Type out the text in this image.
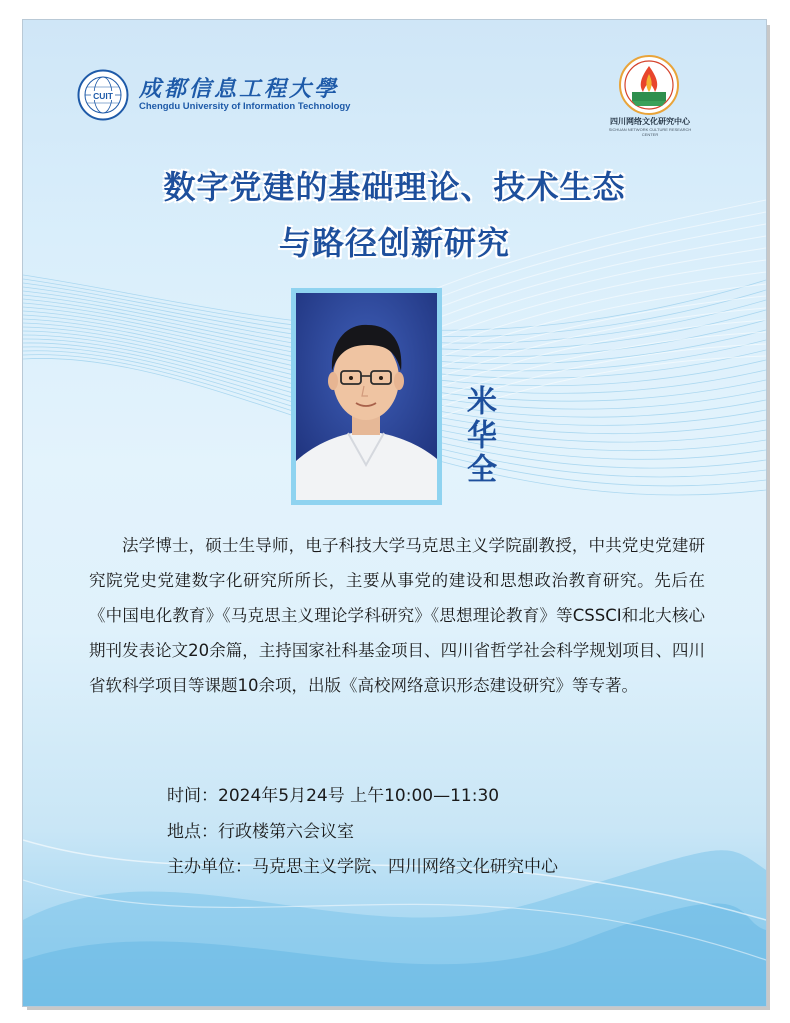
CUIT 成都信息工程大學
Chengdu University of Information Technology
四川网络文化研究中心
SICHUAN NETWORK CULTURE RESEARCH CENTER
数字党建的基础理论、技术生态
与路径创新研究
米华全

法学博士，硕士生导师，电子科技大学马克思主义学院副教授，中共党史党建研究院党史党建数字化研究所所长，主要从事党的建设和思想政治教育研究。先后在《中国电化教育》《马克思主义理论学科研究》《思想理论教育》等CSSCI和北大核心期刊发表论文20余篇，主持国家社科基金项目、四川省哲学社会科学规划项目、四川省软科学项目等课题10余项，出版《高校网络意识形态建设研究》等专著。

时间：2024年5月24号 上午10:00—11:30
地点：行政楼第六会议室
主办单位：马克思主义学院、四川网络文化研究中心
